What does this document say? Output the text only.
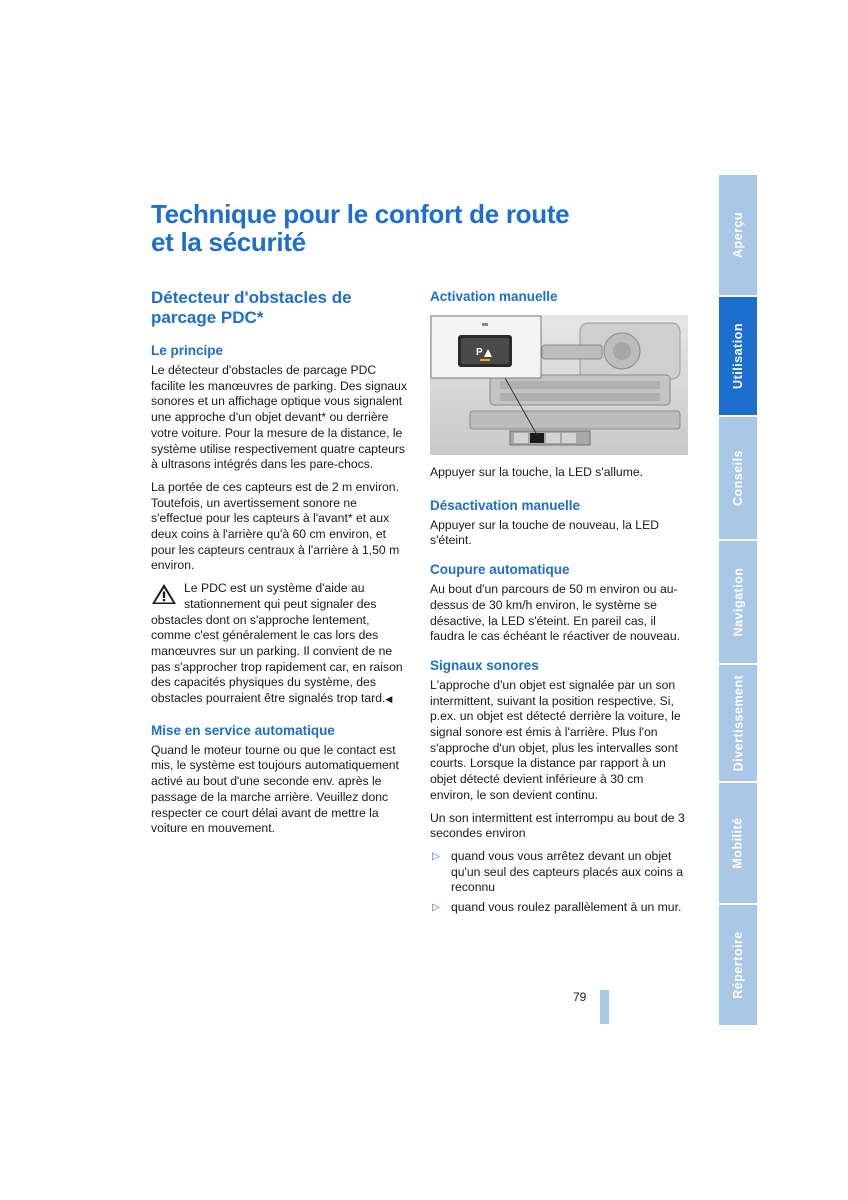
Technique pour le confort de route
et la sécurité
Détecteur d'obstacles de parcage PDC*
Le principe

Le détecteur d'obstacles de parcage PDC facilite les manœuvres de parking. Des signaux sonores et un affichage optique vous signalent une approche d'un objet devant* ou derrière votre voiture. Pour la mesure de la distance, le système utilise respectivement quatre capteurs à ultrasons intégrés dans les pare-chocs.

La portée de ces capteurs est de 2 m environ. Toutefois, un avertissement sonore ne s'effectue pour les capteurs à l'avant* et aux deux coins à l'arrière qu'à 60 cm environ, et pour les capteurs centraux à l'arrière à 1,50 m environ.

Le PDC est un système d'aide au stationnement qui peut signaler des obstacles dont on s'approche lentement, comme c'est généralement le cas lors des manœuvres sur un parking. Il convient de ne pas s'approcher trop rapidement car, en raison des capacités physiques du système, des obstacles pourraient être signalés trop tard.◀

Mise en service automatique

Quand le moteur tourne ou que le contact est mis, le système est toujours automatiquement activé au bout d'une seconde env. après le passage de la marche arrière. Veuillez donc respecter ce court délai avant de mettre la voiture en mouvement.

Activation manuelle
P

Appuyer sur la touche, la LED s'allume.

Désactivation manuelle

Appuyer sur la touche de nouveau, la LED s'éteint.

Coupure automatique

Au bout d'un parcours de 50 m environ ou au-dessus de 30 km/h environ, le système se désactive, la LED s'éteint. En pareil cas, il faudra le cas échéant le réactiver de nouveau.

Signaux sonores

L'approche d'un objet est signalée par un son intermittent, suivant la position respective. Si, p.ex. un objet est détecté derrière la voiture, le signal sonore est émis à l'arrière. Plus l'on s'approche d'un objet, plus les intervalles sont courts. Lorsque la distance par rapport à un objet détecté devient inférieure à 30 cm environ, le son devient continu.

Un son intermittent est interrompu au bout de 3 secondes environ

▷ quand vous vous arrêtez devant un objet qu'un seul des capteurs placés aux coins a reconnu
▷ quand vous roulez parallèlement à un mur.
Aperçu
Utilisation
Conseils
Navigation
Divertissement
Mobilité
Répertoire
79
